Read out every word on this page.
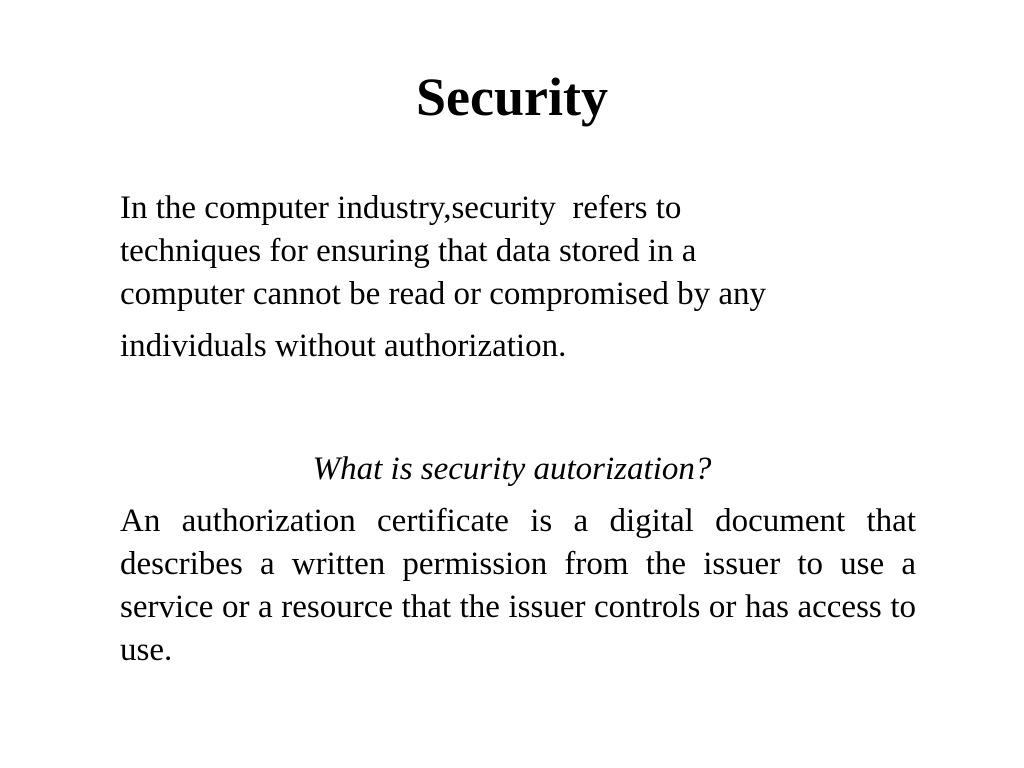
Security

In the computer industry,security  refers to
techniques for ensuring that data stored in a
computer cannot be read or compromised by any
individuals without authorization.

What is security autorization?

An authorization certificate is a digital document that describes a written permission from the issuer to use a service or a resource that the issuer controls or has access to use.
